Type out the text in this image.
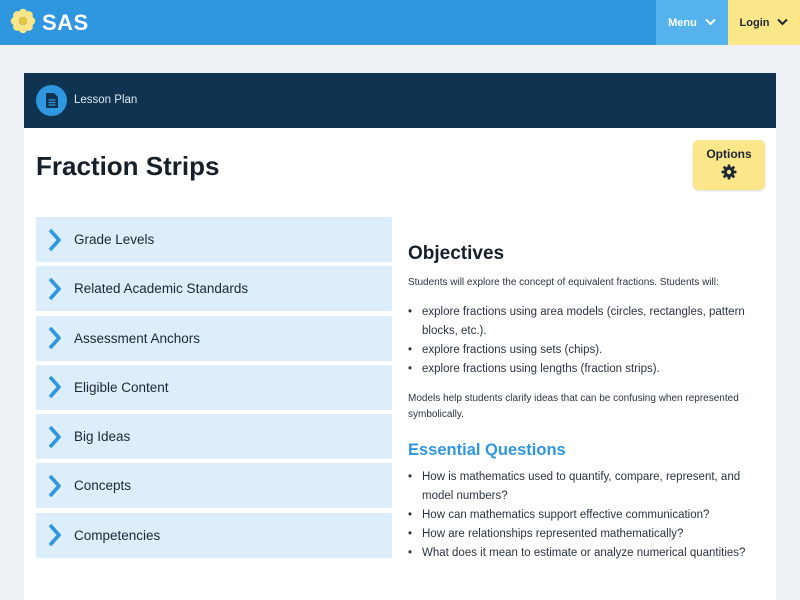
SAS	Menu	Login
Lesson Plan
Fraction Strips	Options
Grade Levels
Related Academic Standards
Assessment Anchors
Eligible Content
Big Ideas
Concepts
Competencies
Objectives

Students will explore the concept of equivalent fractions. Students will:

• explore fractions using area models (circles, rectangles, pattern blocks, etc.).
• explore fractions using sets (chips).
• explore fractions using lengths (fraction strips).

Models help students clarify ideas that can be confusing when represented symbolically.

Essential Questions
• How is mathematics used to quantify, compare, represent, and model numbers?
• How can mathematics support effective communication?
• How are relationships represented mathematically?
• What does it mean to estimate or analyze numerical quantities?
